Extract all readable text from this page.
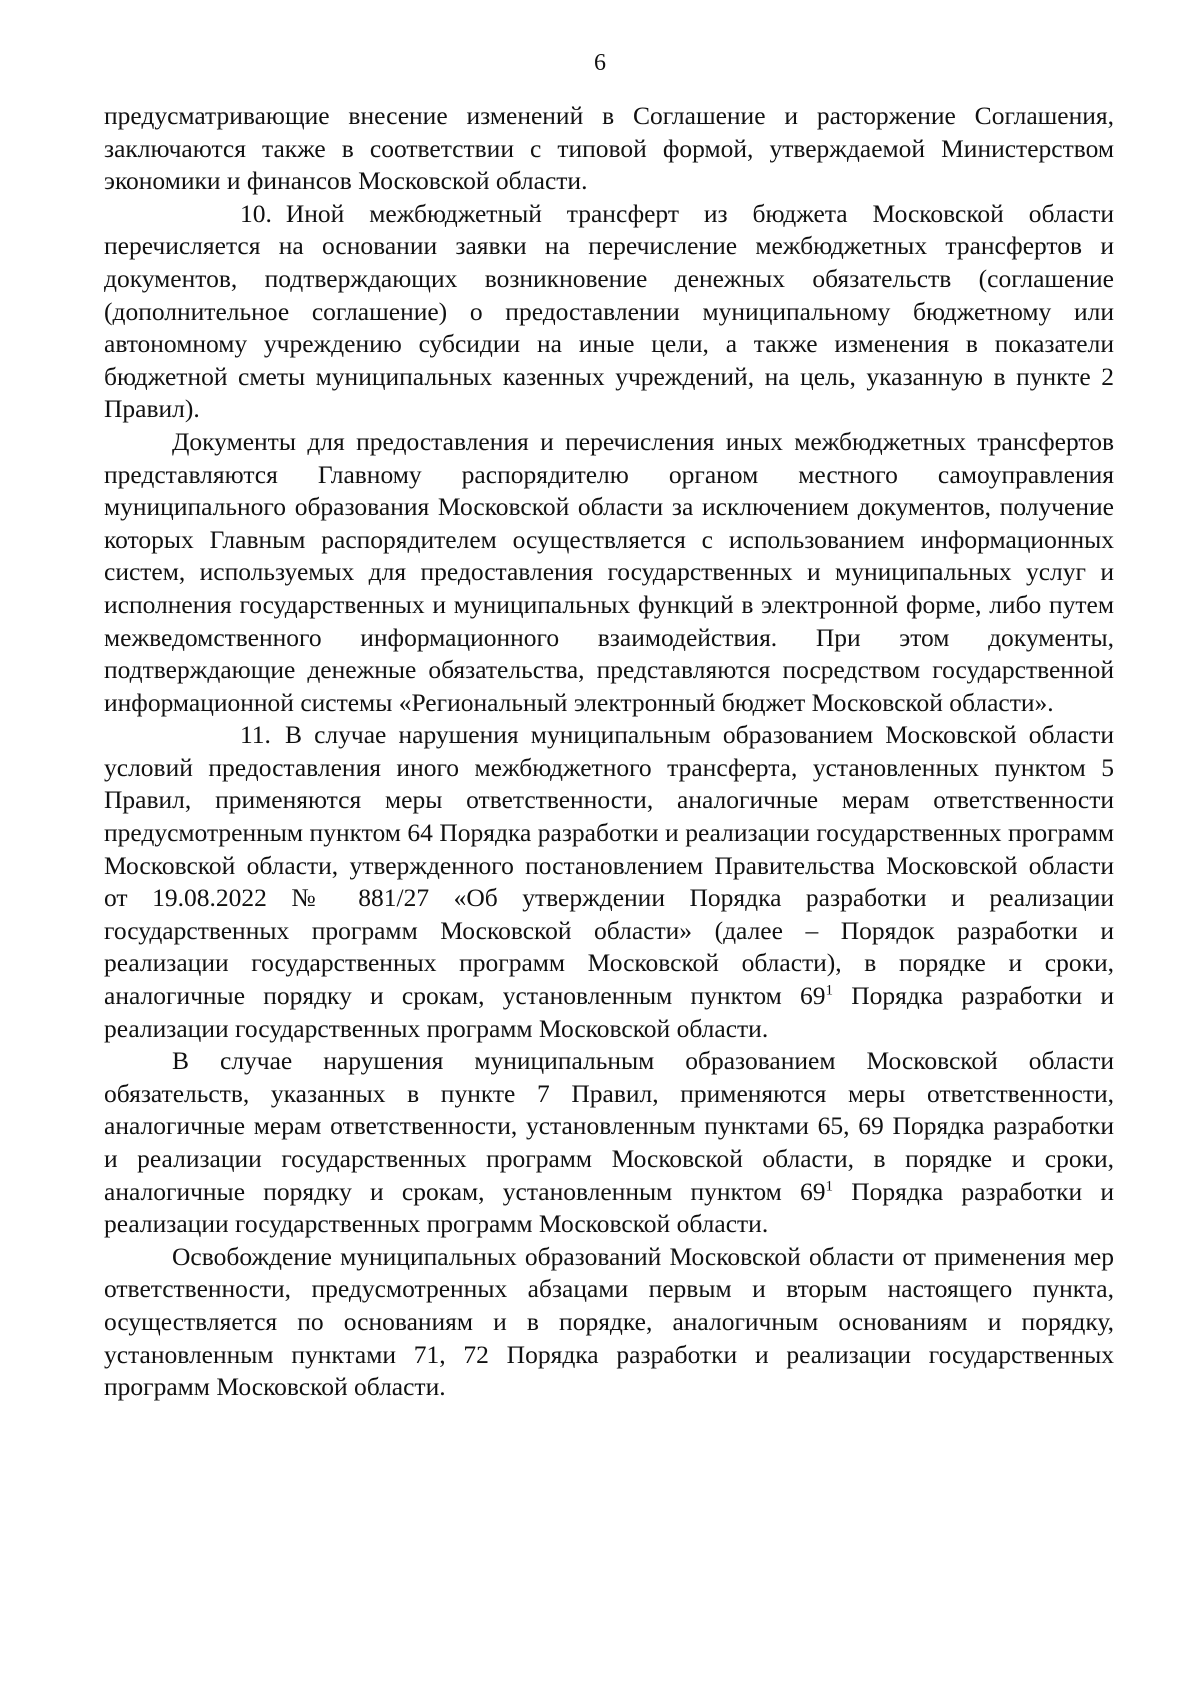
6

предусматривающие внесение изменений в Соглашение и расторжение Соглашения, заключаются также в соответствии с типовой формой, утверждаемой Министерством экономики и финансов Московской области.

10. Иной межбюджетный трансферт из бюджета Московской области перечисляется на основании заявки на перечисление межбюджетных трансфертов и документов, подтверждающих возникновение денежных обязательств (соглашение (дополнительное соглашение) о предоставлении муниципальному бюджетному или автономному учреждению субсидии на иные цели, а также изменения в показатели бюджетной сметы муниципальных казенных учреждений, на цель, указанную в пункте 2 Правил).

Документы для предоставления и перечисления иных межбюджетных трансфертов представляются Главному распорядителю органом местного самоуправления муниципального образования Московской области за исключением документов, получение которых Главным распорядителем осуществляется с использованием информационных систем, используемых для предоставления государственных и муниципальных услуг и исполнения государственных и муниципальных функций в электронной форме, либо путем межведомственного информационного взаимодействия. При этом документы, подтверждающие денежные обязательства, представляются посредством государственной информационной системы «Региональный электронный бюджет Московской области».

11. В случае нарушения муниципальным образованием Московской области условий предоставления иного межбюджетного трансферта, установленных пунктом 5 Правил, применяются меры ответственности, аналогичные мерам ответственности предусмотренным пунктом 64 Порядка разработки и реализации государственных программ Московской области, утвержденного постановлением Правительства Московской области от 19.08.2022 № 881/27 «Об утверждении Порядка разработки и реализации государственных программ Московской области» (далее – Порядок разработки и реализации государственных программ Московской области), в порядке и сроки, аналогичные порядку и срокам, установленным пунктом $69^1$ Порядка разработки и реализации государственных программ Московской области.

В случае нарушения муниципальным образованием Московской области обязательств, указанных в пункте 7 Правил, применяются меры ответственности, аналогичные мерам ответственности, установленным пунктами 65, 69 Порядка разработки и реализации государственных программ Московской области, в порядке и сроки, аналогичные порядку и срокам, установленным пунктом $69^1$ Порядка разработки и реализации государственных программ Московской области.

Освобождение муниципальных образований Московской области от применения мер ответственности, предусмотренных абзацами первым и вторым настоящего пункта, осуществляется по основаниям и в порядке, аналогичным основаниям и порядку, установленным пунктами 71, 72 Порядка разработки и реализации государственных программ Московской области.
